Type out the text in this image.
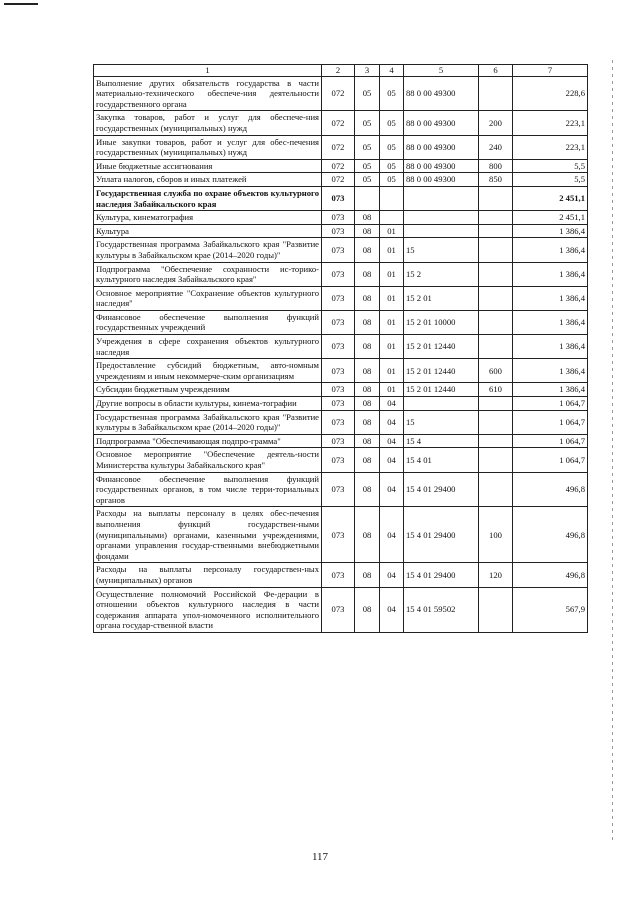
1	2	3	4	5	6	7
Выполнение других обязательств государства в части материально-технического обеспече-ния деятельности государственного органа	072	05	05	88 0 00 49300		228,6
Закупка товаров, работ и услуг для обеспече-ния государственных (муниципальных) нужд	072	05	05	88 0 00 49300	200	223,1
Иные закупки товаров, работ и услуг для обес-печения государственных (муниципальных) нужд	072	05	05	88 0 00 49300	240	223,1
Иные бюджетные ассигнования	072	05	05	88 0 00 49300	800	5,5
Уплата налогов, сборов и иных платежей	072	05	05	88 0 00 49300	850	5,5
Государственная служба по охране объектов культурного наследия Забайкальского края	073					2 451,1
Культура, кинематография	073	08				2 451,1
Культура	073	08	01			1 386,4
Государственная программа Забайкальского края "Развитие культуры в Забайкальском крае (2014–2020 годы)"	073	08	01	15		1 386,4
Подпрограмма "Обеспечение сохранности ис-торико-культурного наследия Забайкальского края"	073	08	01	15 2		1 386,4
Основное мероприятие "Сохранение объектов культурного наследия"	073	08	01	15 2 01		1 386,4
Финансовое обеспечение выполнения функций государственных учреждений	073	08	01	15 2 01 10000		1 386,4
Учреждения в сфере сохранения объектов культурного наследия	073	08	01	15 2 01 12440		1 386,4
Предоставление субсидий бюджетным, авто-номным учреждениям и иным некоммерче-ским организациям	073	08	01	15 2 01 12440	600	1 386,4
Субсидии бюджетным учреждениям	073	08	01	15 2 01 12440	610	1 386,4
Другие вопросы в области культуры, кинема-тографии	073	08	04			1 064,7
Государственная программа Забайкальского края "Развитие культуры в Забайкальском крае (2014–2020 годы)"	073	08	04	15		1 064,7
Подпрограмма "Обеспечивающая подпро-грамма"	073	08	04	15 4		1 064,7
Основное мероприятие "Обеспечение деятель-ности Министерства культуры Забайкальского края"	073	08	04	15 4 01		1 064,7
Финансовое обеспечение выполнения функций государственных органов, в том числе терри-ториальных органов	073	08	04	15 4 01 29400		496,8
Расходы на выплаты персоналу в целях обес-печения выполнения функций государствен-ными (муниципальными) органами, казенными учреждениями, органами управления государ-ственными внебюджетными фондами	073	08	04	15 4 01 29400	100	496,8
Расходы на выплаты персоналу государствен-ных (муниципальных) органов	073	08	04	15 4 01 29400	120	496,8
Осуществление полномочий Российской Фе-дерации в отношении объектов культурного наследия в части содержания аппарата упол-номоченного исполнительного органа государ-ственной власти	073	08	04	15 4 01 59502		567,9
117
